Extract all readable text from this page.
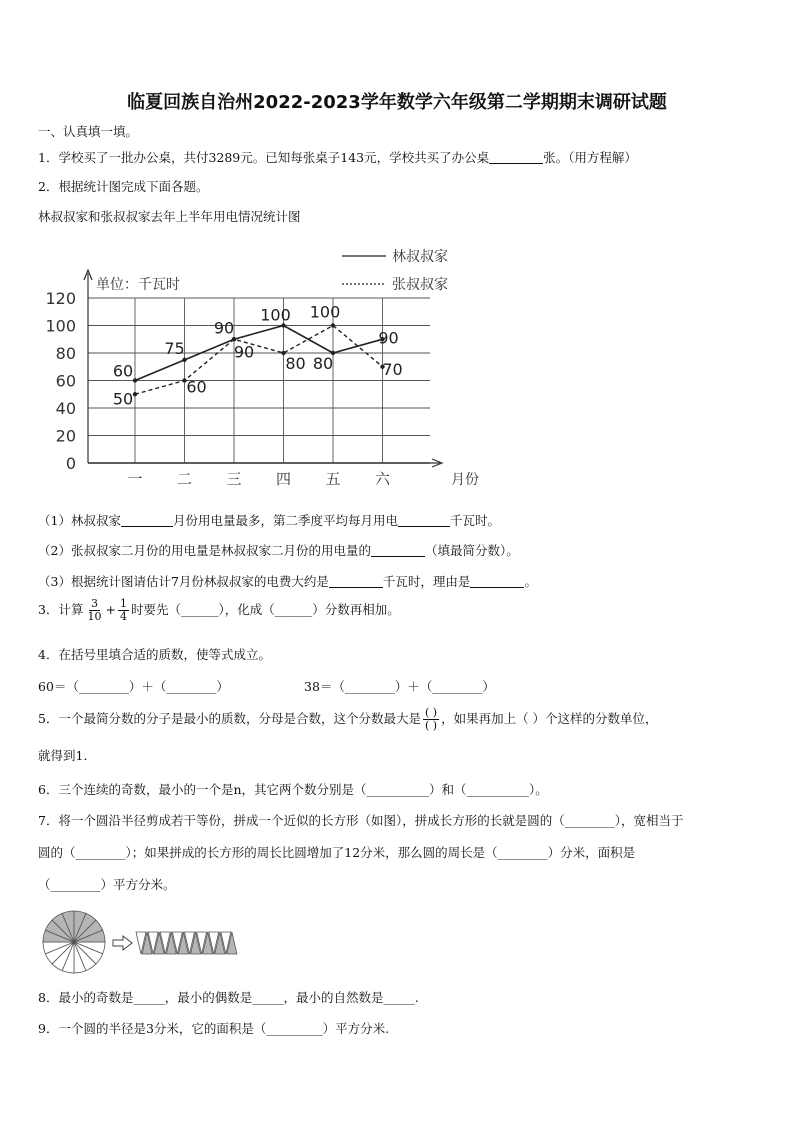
临夏回族自治州2022-2023学年数学六年级第二学期期末调研试题
一、认真填一填。
1．学校买了一批办公桌，共付3289元。已知每张桌子143元，学校共买了办公桌	张。（用方程解）
2．根据统计图完成下面各题。
林叔叔家和张叔叔家去年上半年用电情况统计图
0
20
40
60
80
100
120
一 二 三 四 五 六	月份
单位：千瓦时
60
75
90
100
80
90
50
60
90
80
100
70
林叔叔家
张叔叔家
（1）林叔叔家	月份用电量最多，第二季度平均每月用电	千瓦时。
（2）张叔叔家二月份的用电量是林叔叔家二月份的用电量的	（填最简分数）。
（3）根据统计图请估计7月份林叔叔家的电费大约是	千瓦时，理由是	。
3．计算 $\frac{3}{10} + \frac{1}{4}$ 时要先（______），化成（______）分数再相加。
4．在括号里填合适的质数，使等式成立。
60＝（________）＋（________）	38＝（________）＋（________）
5．一个最简分数的分子是最小的质数，分母是合数，这个分数最大是 $\frac{( )}{( )}$ ，如果再加上（ ）个这样的分数单位，
就得到1．
6．三个连续的奇数，最小的一个是n，其它两个数分别是（__________）和（__________）。
7．将一个圆沿半径剪成若干等份，拼成一个近似的长方形（如图），拼成长方形的长就是圆的（________），宽相当于
圆的（________）；如果拼成的长方形的周长比圆增加了12分米，那么圆的周长是（________）分米，面积是
（________）平方分米。
8．最小的奇数是_____，最小的偶数是_____，最小的自然数是_____.
9．一个圆的半径是3分米，它的面积是（_________）平方分米.
